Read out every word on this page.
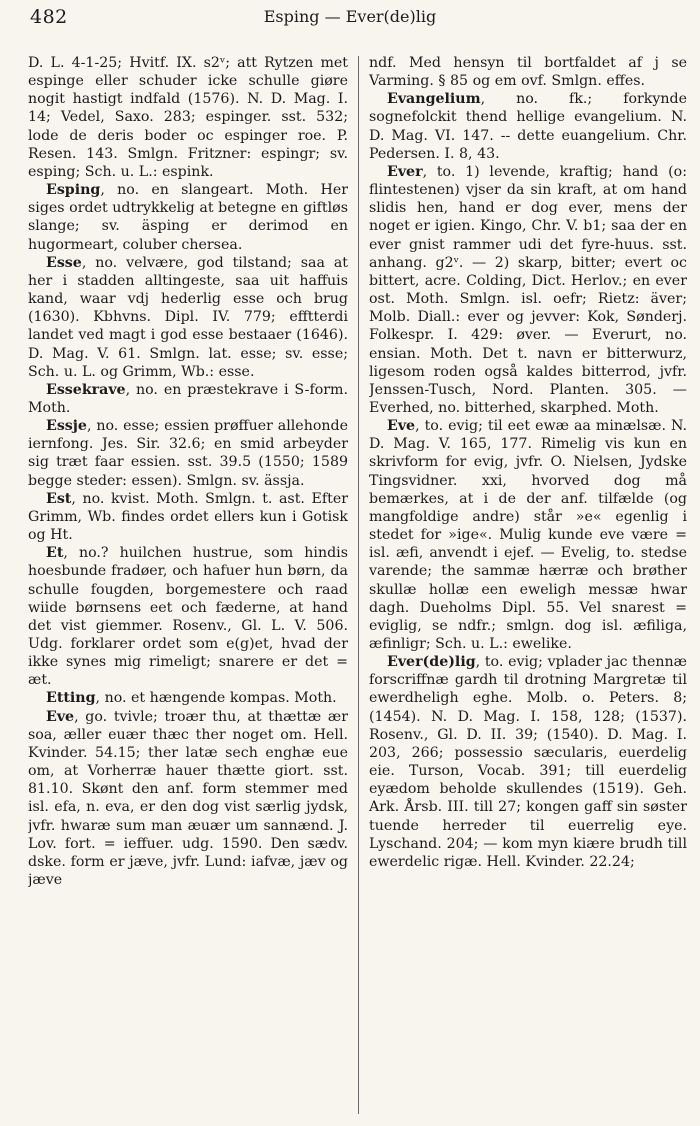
482	Esping — Ever(de)lig

D. L. 4-1-25; Hvitf. IX. s2ᵛ; att Rytzen met espinge eller schuder icke schulle giøre nogit hastigt indfald (1576). N. D. Mag. I. 14; Vedel, Saxo. 283; espinger. sst. 532; lode de deris boder oc espinger roe. P. Resen. 143. Smlgn. Fritzner: espingr; sv. esping; Sch. u. L.: espink.

Esping, no. en slangeart. Moth. Her siges ordet udtrykkelig at betegne en giftløs slange; sv. äsping er derimod en hugormeart, coluber chersea.

Esse, no. velvære, god tilstand; saa at her i stadden alltingeste, saa uit haffuis kand, waar vdj hederlig esse och brug (1630). Kbhvns. Dipl. IV. 779; efftterdi landet ved magt i god esse bestaaer (1646). D. Mag. V. 61. Smlgn. lat. esse; sv. esse; Sch. u. L. og Grimm, Wb.: esse.

Essekrave, no. en præstekrave i S-form. Moth.

Essje, no. esse; essien prøffuer allehonde iernfong. Jes. Sir. 32.6; en smid arbeyder sig træt faar essien. sst. 39.5 (1550; 1589 begge steder: essen). Smlgn. sv. ässja.

Est, no. kvist. Moth. Smlgn. t. ast. Efter Grimm, Wb. findes ordet ellers kun i Gotisk og Ht.

Et, no.? huilchen hustrue, som hindis hoesbunde fradøer, och hafuer hun børn, da schulle fougden, borgemestere och raad wiide børnsens eet och fæderne, at hand det vist giemmer. Rosenv., Gl. L. V. 506. Udg. forklarer ordet som e(g)et, hvad der ikke synes mig rimeligt; snarere er det = æt.

Etting, no. et hængende kompas. Moth.

Eve, go. tvivle; troær thu, at thættæ ær soa, æller euær thæc ther noget om. Hell. Kvinder. 54.15; ther latæ sech enghæ eue om, at Vorherræ hauer thætte giort. sst. 81.10. Skønt den anf. form stemmer med isl. efa, n. eva, er den dog vist særlig jydsk, jvfr. hwaræ sum man æuær um sannænd. J. Lov. fort. = ieffuer. udg. 1590. Den sædv. dske. form er jæve, jvfr. Lund: iafvæ, jæv og jæve

ndf. Med hensyn til bortfaldet af j se Varming. § 85 og em ovf. Smlgn. effes.

Evangelium, no. fk.; forkynde sognefolckit thend hellige evangelium. N. D. Mag. VI. 147. -- dette euangelium. Chr. Pedersen. I. 8, 43.

Ever, to. 1) levende, kraftig; hand (o: flintestenen) vjser da sin kraft, at om hand slidis hen, hand er dog ever, mens der noget er igien. Kingo, Chr. V. b1; saa der en ever gnist rammer udi det fyre-huus. sst. anhang. g2ᵛ. — 2) skarp, bitter; evert oc bittert, acre. Colding, Dict. Herlov.; en ever ost. Moth. Smlgn. isl. oefr; Rietz: äver; Molb. Diall.: ever og jevver: Kok, Sønderj. Folkespr. I. 429: øver. — Everurt, no. ensian. Moth. Det t. navn er bitterwurz, ligesom roden også kaldes bitterrod, jvfr. Jenssen-Tusch, Nord. Planten. 305. — Everhed, no. bitterhed, skarphed. Moth.

Eve, to. evig; til eet ewæ aa minælsæ. N. D. Mag. V. 165, 177. Rimelig vis kun en skrivform for evig, jvfr. O. Nielsen, Jydske Tingsvidner. xxi, hvorved dog må bemærkes, at i de der anf. tilfælde (og mangfoldige andre) står »e« egenlig i stedet for »ige«. Mulig kunde eve være = isl. æfi, anvendt i ejef. — Evelig, to. stedse varende; the sammæ hærræ och brøther skullæ hollæ een eweligh messæ hwar dagh. Dueholms Dipl. 55. Vel snarest = eviglig, se ndfr.; smlgn. dog isl. æfiliga, æfinligr; Sch. u. L.: ewelike.

Ever(de)lig, to. evig; vplader jac thennæ forscriffnæ gardh til drotning Margretæ til ewerdheligh eghe. Molb. o. Peters. 8; (1454). N. D. Mag. I. 158, 128; (1537). Rosenv., Gl. D. II. 39; (1540). D. Mag. I. 203, 266; possessio sæcularis, euerdelig eie. Turson, Vocab. 391; till euerdelig eyædom beholde skullendes (1519). Geh. Ark. Årsb. III. till 27; kongen gaff sin søster tuende herreder til euerrelig eye. Lyschand. 204; — kom myn kiære brudh till ewerdelic rigæ. Hell. Kvinder. 22.24;
